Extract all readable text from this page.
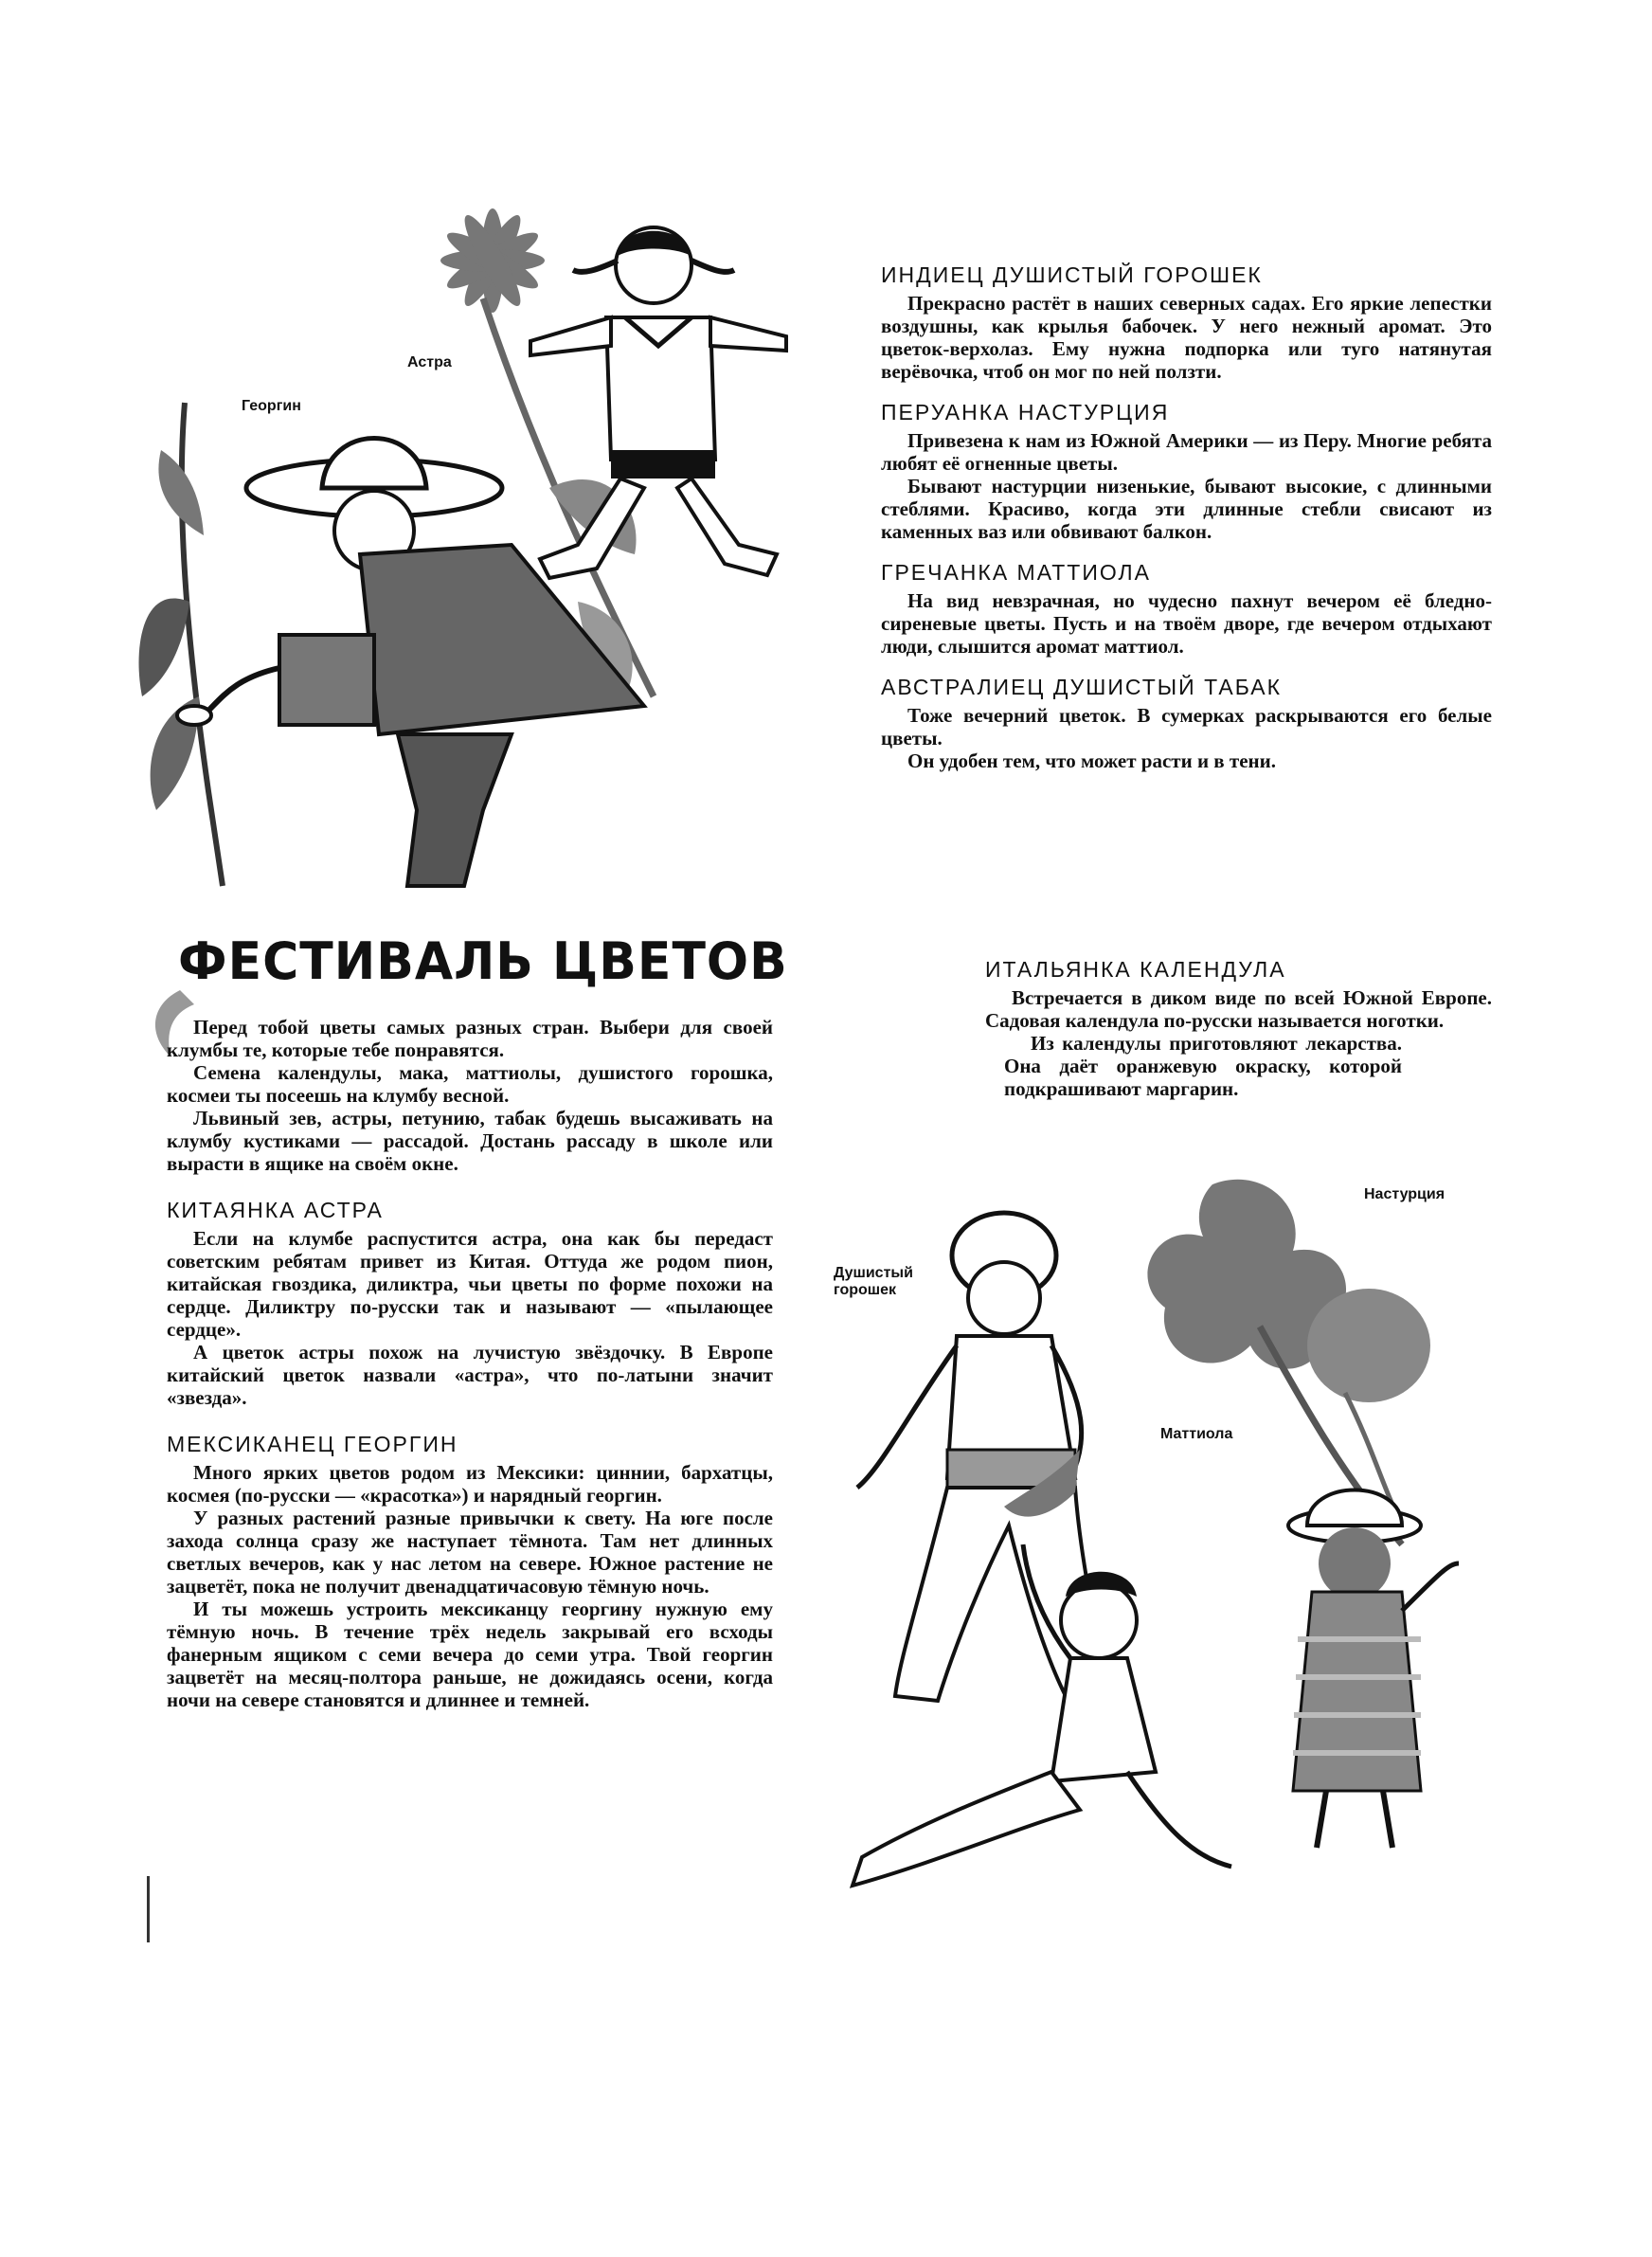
Астра
Георгин
ФЕСТИВАЛЬ ЦВЕТОВ

Перед тобой цветы самых разных стран. Выбери для своей клумбы те, которые тебе понравятся.

Семена календулы, мака, маттиолы, душистого горошка, космеи ты посеешь на клумбу весной.

Львиный зев, астры, петунию, табак будешь высаживать на клумбу кустиками — рассадой. Достань рассаду в школе или вырасти в ящике на своём окне.

КИТАЯНКА АСТРА

Если на клумбе распустится астра, она как бы передаст советским ребятам привет из Китая. Оттуда же родом пион, китайская гвоздика, диликтра, чьи цветы по форме похожи на сердце. Диликтру по-русски так и называют — «пылающее сердце».

А цветок астры похож на лучистую звёздочку. В Европе китайский цветок назвали «астра», что по-латыни значит «звезда».

МЕКСИКАНЕЦ ГЕОРГИН

Много ярких цветов родом из Мексики: циннии, бархатцы, космея (по-русски — «красотка») и нарядный георгин.

У разных растений разные привычки к свету. На юге после захода солнца сразу же наступает тёмнота. Там нет длинных светлых вечеров, как у нас летом на севере. Южное растение не зацветёт, пока не получит двенадцатичасовую тёмную ночь.

И ты можешь устроить мексиканцу георгину нужную ему тёмную ночь. В течение трёх недель закрывай его всходы фанерным ящиком с семи вечера до семи утра. Твой георгин зацветёт на месяц-полтора раньше, не дожидаясь осени, когда ночи на севере становятся и длиннее и темней.

ИНДИЕЦ ДУШИСТЫЙ ГОРОШЕК

Прекрасно растёт в наших северных садах. Его яркие лепестки воздушны, как крылья бабочек. У него нежный аромат. Это цветок-верхолаз. Ему нужна подпорка или туго натянутая верёвочка, чтоб он мог по ней ползти.

ПЕРУАНКА НАСТУРЦИЯ

Привезена к нам из Южной Америки — из Перу. Многие ребята любят её огненные цветы.

Бывают настурции низенькие, бывают высокие, с длинными стеблями. Красиво, когда эти длинные стебли свисают из каменных ваз или обвивают балкон.

ГРЕЧАНКА МАТТИОЛА

На вид невзрачная, но чудесно пахнут вечером её бледно-сиреневые цветы. Пусть и на твоём дворе, где вечером отдыхают люди, слышится аромат маттиол.

АВСТРАЛИЕЦ ДУШИСТЫЙ ТАБАК

Тоже вечерний цветок. В сумерках раскрываются его белые цветы.

Он удобен тем, что может расти и в тени.

ИТАЛЬЯНКА КАЛЕНДУЛА

Встречается в диком виде по всей Южной Европе. Садовая календула по-русски называется ноготки.

Из календулы приготовляют лекарства. Она даёт оранжевую окраску, которой подкрашивают маргарин.

Настурция
Душистый горошек
Маттиола
